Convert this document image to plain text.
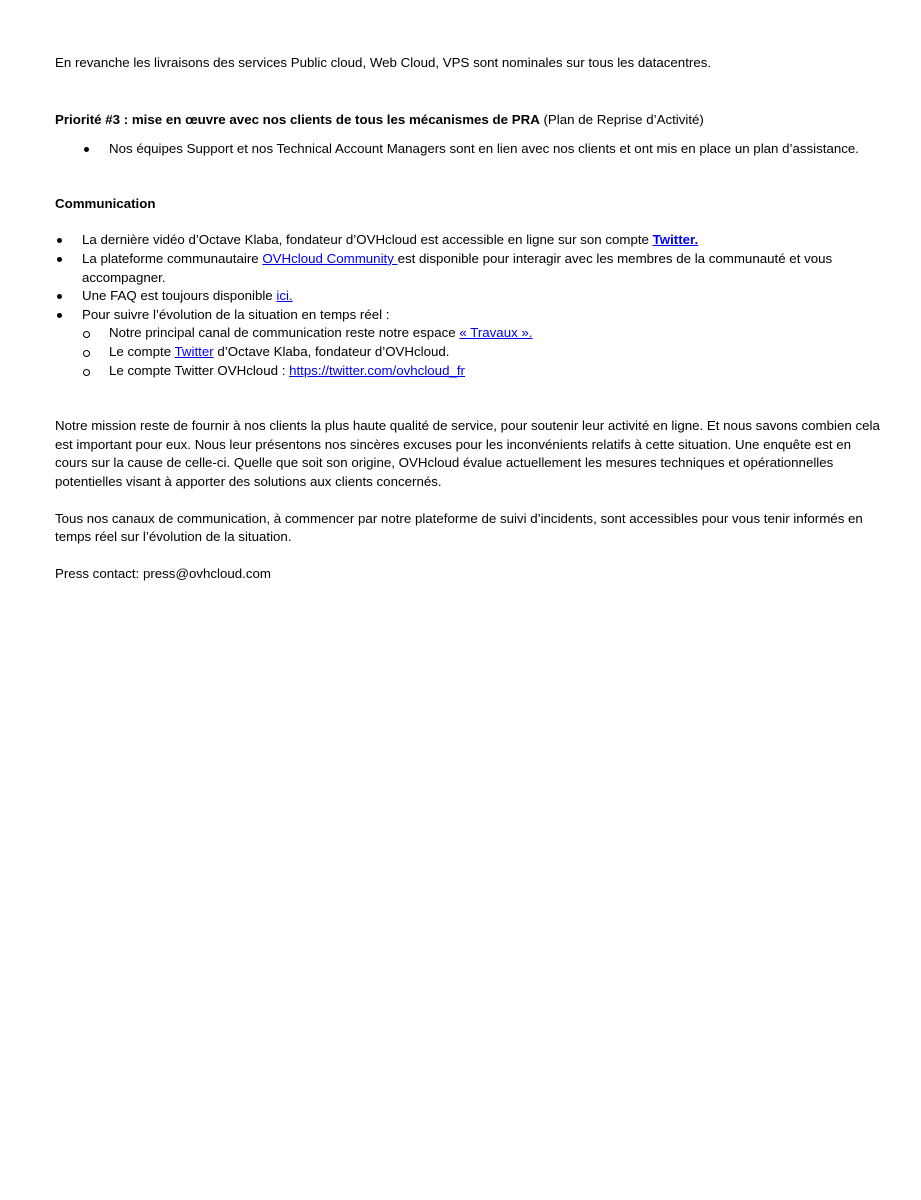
En revanche les livraisons des services Public cloud, Web Cloud, VPS sont nominales sur tous les datacentres.

Priorité #3 : mise en œuvre avec nos clients de tous les mécanismes de PRA (Plan de Reprise d’Activité)

Nos équipes Support et nos Technical Account Managers sont en lien avec nos clients et ont mis en place un plan d’assistance.

Communication

La dernière vidéo d’Octave Klaba, fondateur d’OVHcloud est accessible en ligne sur son compte Twitter.
La plateforme communautaire OVHcloud Community est disponible pour interagir avec les membres de la communauté et vous accompagner.
Une FAQ est toujours disponible ici.
Pour suivre l’évolution de la situation en temps réel :
Notre principal canal de communication reste notre espace « Travaux ».
Le compte Twitter d’Octave Klaba, fondateur d’OVHcloud.
Le compte Twitter OVHcloud : https://twitter.com/ovhcloud_fr

Notre mission reste de fournir à nos clients la plus haute qualité de service, pour soutenir leur activité en ligne. Et nous savons combien cela est important pour eux. Nous leur présentons nos sincères excuses pour les inconvénients relatifs à cette situation. Une enquête est en cours sur la cause de celle-ci. Quelle que soit son origine, OVHcloud évalue actuellement les mesures techniques et opérationnelles potentielles visant à apporter des solutions aux clients concernés.

Tous nos canaux de communication, à commencer par notre plateforme de suivi d’incidents, sont accessibles pour vous tenir informés en temps réel sur l’évolution de la situation.

Press contact: press@ovhcloud.com
